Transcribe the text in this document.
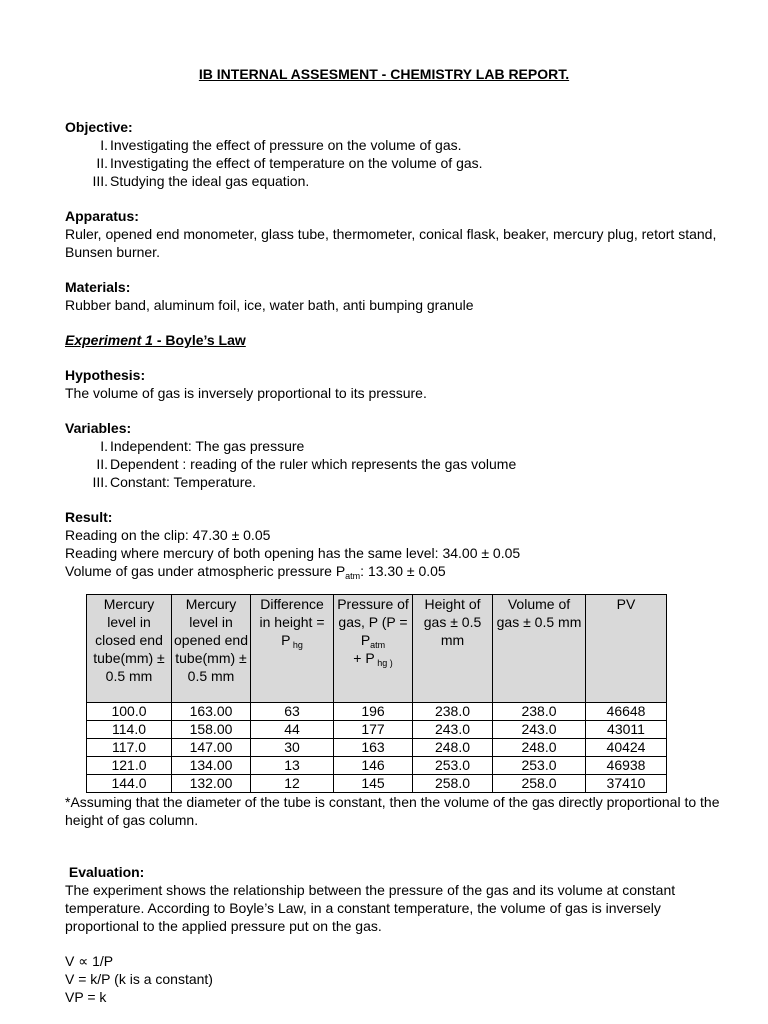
IB INTERNAL ASSESMENT - CHEMISTRY LAB REPORT.

Objective:

I. Investigating the effect of pressure on the volume of gas.
II. Investigating the effect of temperature on the volume of gas.
III. Studying the ideal gas equation.

Apparatus:

Ruler, opened end monometer, glass tube, thermometer, conical flask, beaker, mercury plug, retort stand, Bunsen burner.

Materials:

Rubber band, aluminum foil, ice, water bath, anti bumping granule

Experiment 1 - Boyle’s Law

Hypothesis:

The volume of gas is inversely proportional to its pressure.

Variables:

I. Independent: The gas pressure
II. Dependent : reading of the ruler which represents the gas volume
III. Constant: Temperature.

Result:

Reading on the clip: 47.30 ± 0.05

Reading where mercury of both opening has the same level: 34.00 ± 0.05

Volume of gas under atmospheric pressure $P_{atm}$: 13.30 ± 0.05

Mercury level in closed end tube(mm) ± 0.5 mm	Mercury level in opened end tube(mm) ± 0.5 mm	Difference in height = P $_{hg}$	Pressure of gas, P ($P = P_{atm}$
+ P $_{hg )}$	Height of gas ± 0.5 mm	Volume of gas ± 0.5 mm	PV
100.0	163.00	63	196	238.0	238.0	46648
114.0	158.00	44	177	243.0	243.0	43011
117.0	147.00	30	163	248.0	248.0	40424
121.0	134.00	13	146	253.0	253.0	46938
144.0	132.00	12	145	258.0	258.0	37410

*Assuming that the diameter of the tube is constant, then the volume of the gas directly proportional to the height of gas column.

Evaluation:

The experiment shows the relationship between the pressure of the gas and its volume at constant temperature. According to Boyle’s Law, in a constant temperature, the volume of gas is inversely proportional to the applied pressure put on the gas.

V ∝ 1/P

V = k/P (k is a constant)

VP = k
